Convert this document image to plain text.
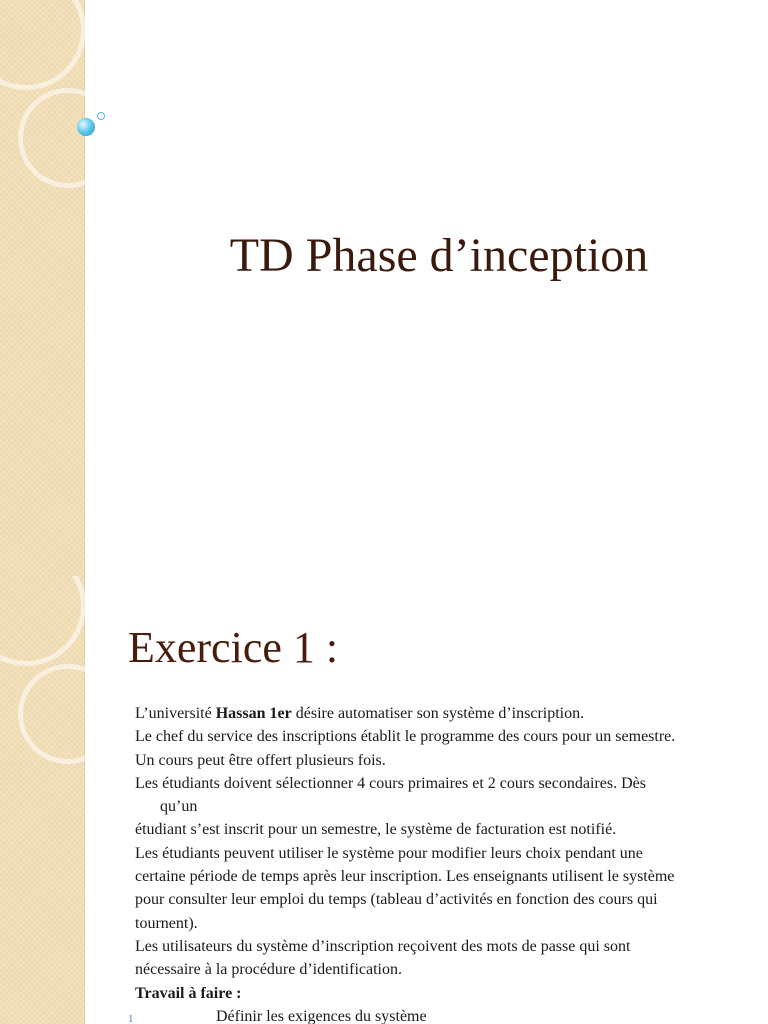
TD Phase d’inception
Exercice 1 :

L’université Hassan 1er désire automatiser son système d’inscription.

Le chef du service des inscriptions établit le programme des cours pour un semestre.

Un cours peut être offert plusieurs fois.

Les étudiants doivent sélectionner 4 cours primaires et 2 cours secondaires. Dès

qu’un

étudiant s’est inscrit pour un semestre, le système de facturation est notifié.

Les étudiants peuvent utiliser le système pour modifier leurs choix pendant une

certaine période de temps après leur inscription. Les enseignants utilisent le système

pour consulter leur emploi du temps (tableau d’activités en fonction des cours qui

tournent).

Les utilisateurs du système d’inscription reçoivent des mots de passe qui sont

nécessaire à la procédure d’identification.

Travail à faire :

1	Définir les exigences du système
